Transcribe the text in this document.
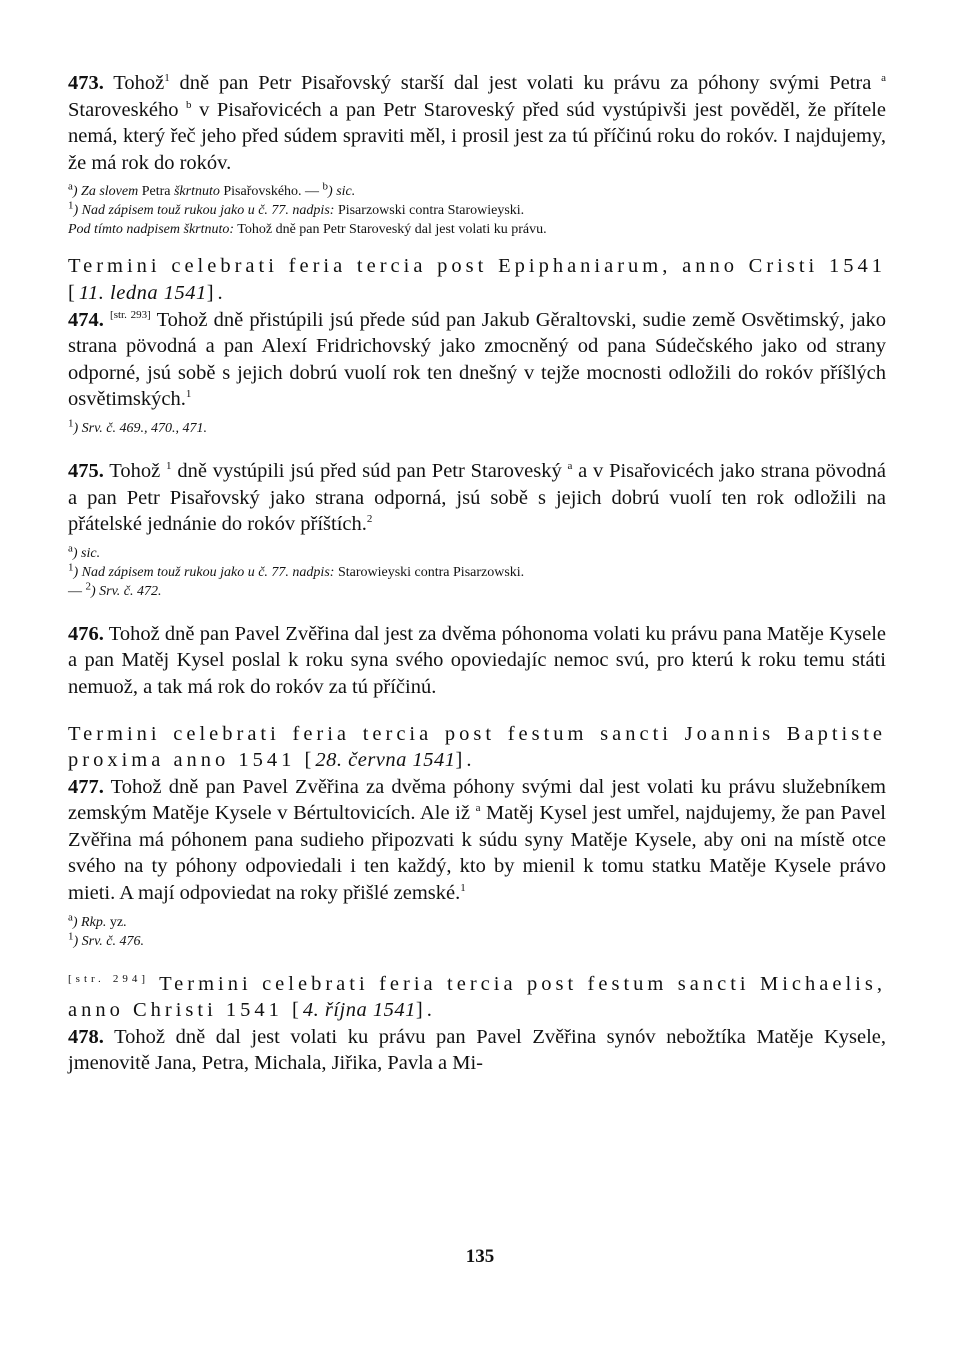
473. Tohož$^1$ dně pan Petr Pisařovský starší dal jest volati ku právu za póhony svými Petra $^a$ Staroveského $^b$ v Pisařovicéch a pan Petr Staroveský před súd vystúpivši jest pověděl, že přítele nemá, který řeč jeho před súdem spraviti měl, i prosil jest za tú příčinú roku do rokóv. I najdujemy, že má rok do rokóv.

$^a$) Za slovem Petra škrtnuto Pisařovského. — $^b$) sic.

$^1$) Nad zápisem touž rukou jako u č. 77. nadpis: Pisarzowski contra Starowieyski.

Pod tímto nadpisem škrtnuto: Tohož dně pan Petr Staroveský dal jest volati ku právu.

Termini celebrati feria tercia post Epiphaniarum, anno Cristi 1541 [11. ledna 1541].

474. [str. 293] Tohož dně přistúpili jsú přede súd pan Jakub Gěraltovski, sudie země Osvětimský, jako strana pövodná a pan Alexí Fridrichovský jako zmocněný od pana Súdečského jako od strany odporné, jsú sobě s jejich dobrú vuolí rok ten dnešný v tejže mocnosti odložili do rokóv příšlých osvětimských.$^1$

$^1$) Srv. č. 469., 470., 471.

475. Tohož $^1$ dně vystúpili jsú před súd pan Petr Staroveský $^a$ a v Pisařovicéch jako strana pövodná a pan Petr Pisařovský jako strana odporná, jsú sobě s jejich dobrú vuolí ten rok odložili na přátelské jednánie do rokóv příštích.$^2$

$^a$) sic.

$^1$) Nad zápisem touž rukou jako u č. 77. nadpis: Starowieyski contra Pisarzowski.

— $^2$) Srv. č. 472.

476. Tohož dně pan Pavel Zvěřina dal jest za dvěma póhonoma volati ku právu pana Matěje Kysele a pan Matěj Kysel poslal k roku syna svého opoviedajíc nemoc svú, pro kterú k roku temu státi nemuož, a tak má rok do rokóv za tú příčinú.

Termini celebrati feria tercia post festum sancti Joannis Baptiste proxima anno 1541 [28. června 1541].

477. Tohož dně pan Pavel Zvěřina za dvěma póhony svými dal jest volati ku právu služebníkem zemským Matěje Kysele v Bértultovicích. Ale iž $^a$ Matěj Kysel jest umřel, najdujemy, že pan Pavel Zvěřina má póhonem pana sudieho připozvati k súdu syny Matěje Kysele, aby oni na místě otce svého na ty póhony odpoviedali i ten každý, kto by mienil k tomu statku Matěje Kysele právo mieti. A mají odpoviedat na roky přišlé zemské.$^1$

$^a$) Rkp. yz.

$^1$) Srv. č. 476.

[str. 294] Termini celebrati feria tercia post festum sancti Michaelis, anno Christi 1541 [4. října 1541].

478. Tohož dně dal jest volati ku právu pan Pavel Zvěřina synóv nebožtíka Matěje Kysele, jmenovitě Jana, Petra, Michala, Jiřika, Pavla a Mi-

135
